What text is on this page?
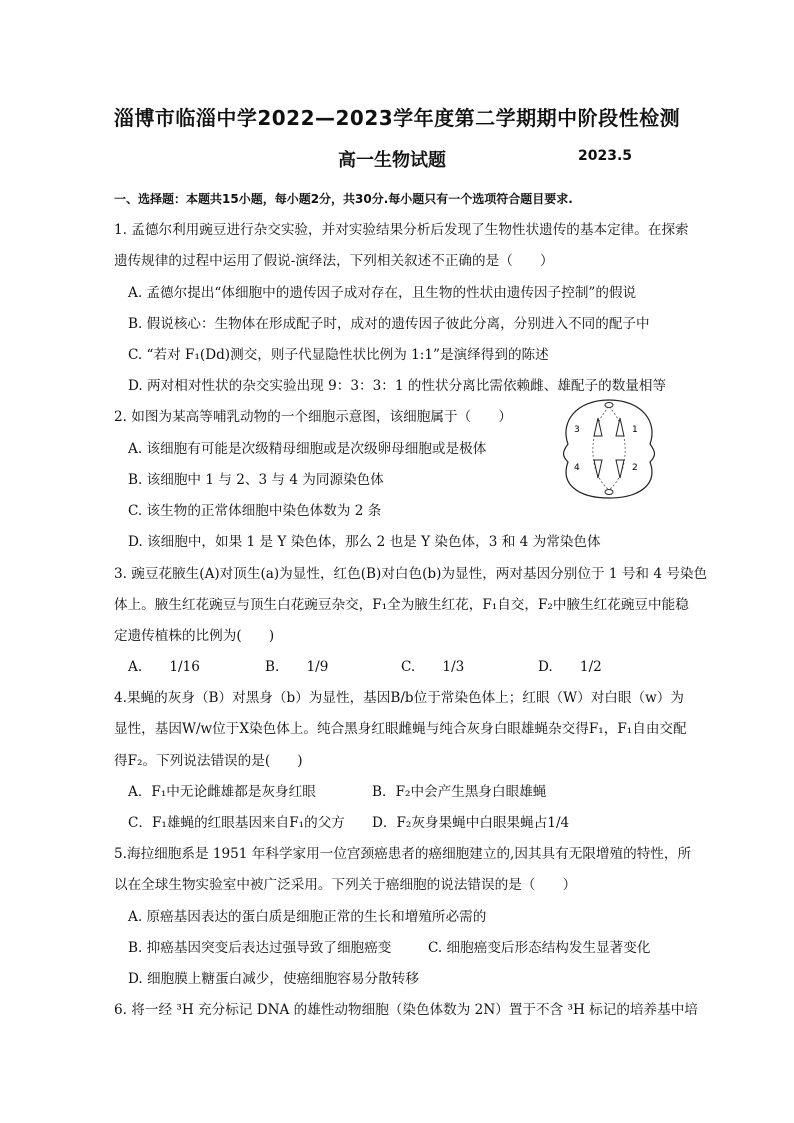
淄博市临淄中学2022—2023学年度第二学期期中阶段性检测
高一生物试题	2023.5
一、选择题：本题共15小题，每小题2分，共30分.每小题只有一个选项符合题目要求.
1. 孟德尔利用豌豆进行杂交实验，并对实验结果分析后发现了生物性状遗传的基本定律。在探索
遗传规律的过程中运用了假说-演绎法，下列相关叙述不正确的是（　　）
A. 孟德尔提出“体细胞中的遗传因子成对存在，且生物的性状由遗传因子控制”的假说
B. 假说核心：生物体在形成配子时，成对的遗传因子彼此分离，分别进入不同的配子中
C. “若对 F₁(Dd)测交，则子代显隐性状比例为 1:1”是演绎得到的陈述
D. 两对相对性状的杂交实验出现 9：3：3：1 的性状分离比需依赖雌、雄配子的数量相等
2. 如图为某高等哺乳动物的一个细胞示意图，该细胞属于（　　）
A. 该细胞有可能是次级精母细胞或是次级卵母细胞或是极体
B. 该细胞中 1 与 2、3 与 4 为同源染色体
C. 该生物的正常体细胞中染色体数为 2 条
D. 该细胞中，如果 1 是 Y 染色体，那么 2 也是 Y 染色体，3 和 4 为常染色体
3	1
4	2
3. 豌豆花腋生(A)对顶生(a)为显性，红色(B)对白色(b)为显性，两对基因分别位于 1 号和 4 号染色
体上。腋生红花豌豆与顶生白花豌豆杂交，F₁全为腋生红花，F₁自交，F₂中腋生红花豌豆中能稳
定遗传植株的比例为(　　)
A.　　1/16	B.　　1/9	C.　　1/3	D.　　1/2
4.果蝇的灰身（B）对黑身（b）为显性，基因B/b位于常染色体上；红眼（W）对白眼（w）为
显性，基因W/w位于X染色体上。纯合黑身红眼雌蝇与纯合灰身白眼雄蝇杂交得F₁，F₁自由交配
得F₂。下列说法错误的是(　　)
A．F₁中无论雌雄都是灰身红眼	B．F₂中会产生黑身白眼雄蝇
C．F₁雄蝇的红眼基因来自F₁的父方 D．F₂灰身果蝇中白眼果蝇占1/4
5.海拉细胞系是 1951 年科学家用一位宫颈癌患者的癌细胞建立的,因其具有无限增殖的特性，所
以在全球生物实验室中被广泛采用。下列关于癌细胞的说法错误的是（　　）
A. 原癌基因表达的蛋白质是细胞正常的生长和增殖所必需的
B. 抑癌基因突变后表达过强导致了细胞癌变	C. 细胞癌变后形态结构发生显著变化
D. 细胞膜上糖蛋白减少，使癌细胞容易分散转移
6. 将一经 ³H 充分标记 DNA 的雄性动物细胞（染色体数为 2N）置于不含 ³H 标记的培养基中培
